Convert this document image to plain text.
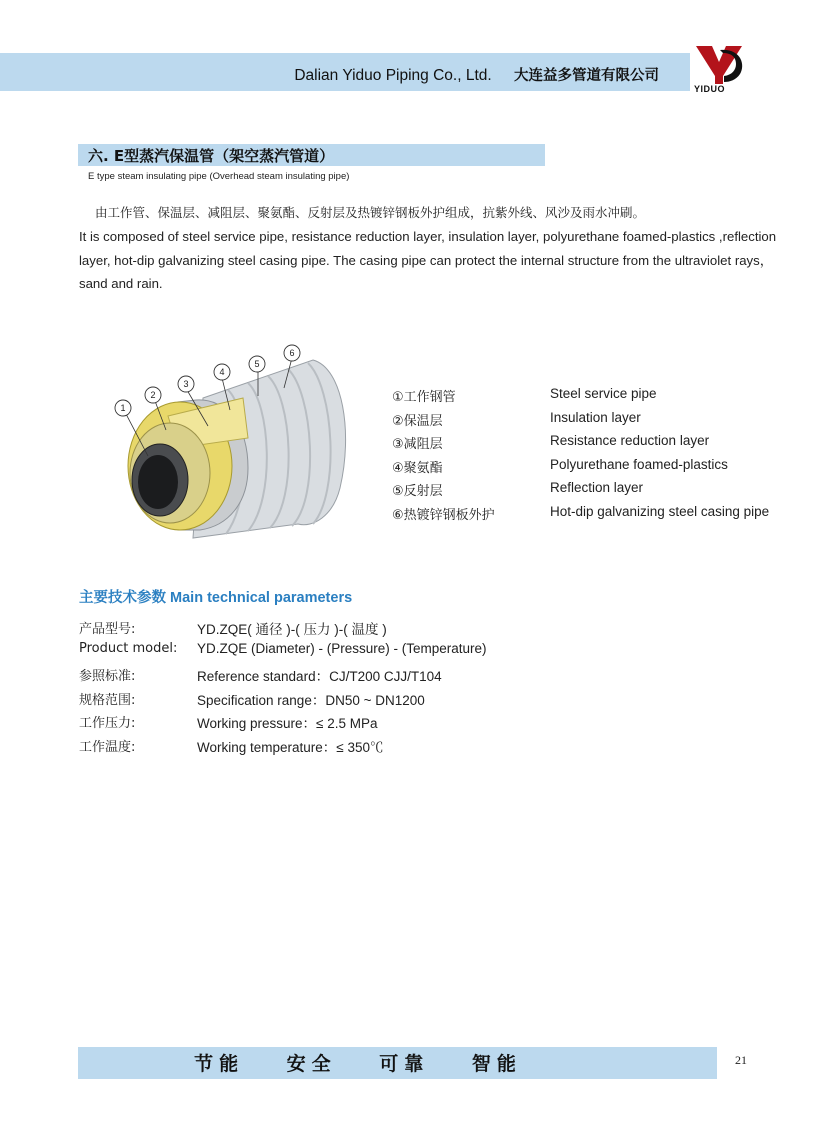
Dalian Yiduo Piping Co., Ltd. 大连益多管道有限公司
YIDUO
六. E型蒸汽保温管（架空蒸汽管道）
E type steam insulating pipe (Overhead steam insulating pipe)
由工作管、保温层、减阻层、聚氨酯、反射层及热镀锌钢板外护组成，抗紫外线、风沙及雨水冲刷。
It is composed of steel service pipe, resistance reduction layer, insulation layer, polyurethane foamed-plastics ,reflection layer, hot-dip galvanizing steel casing pipe. The casing pipe can protect the internal structure from the ultraviolet rays，sand and rain.
1
2
3
4
5
6
①工作钢管	Steel service pipe
②保温层	Insulation layer
③减阻层	Resistance reduction layer
④聚氨酯	Polyurethane foamed-plastics
⑤反射层	Reflection layer
⑥热镀锌钢板外护	Hot-dip galvanizing steel casing pipe
主要技术参数 Main technical parameters
产品型号:	YD.ZQE( 通径 )-( 压力 )-( 温度 )
Product model: YD.ZQE (Diameter) - (Pressure) - (Temperature)
参照标准:	Reference standard：CJ/T200 CJJ/T104
规格范围:	Specification range：DN50 ~ DN1200
工作压力:	Working pressure：≤ 2.5 MPa
工作温度:	Working temperature：≤ 350℃
节能 安全 可靠 智能	21
